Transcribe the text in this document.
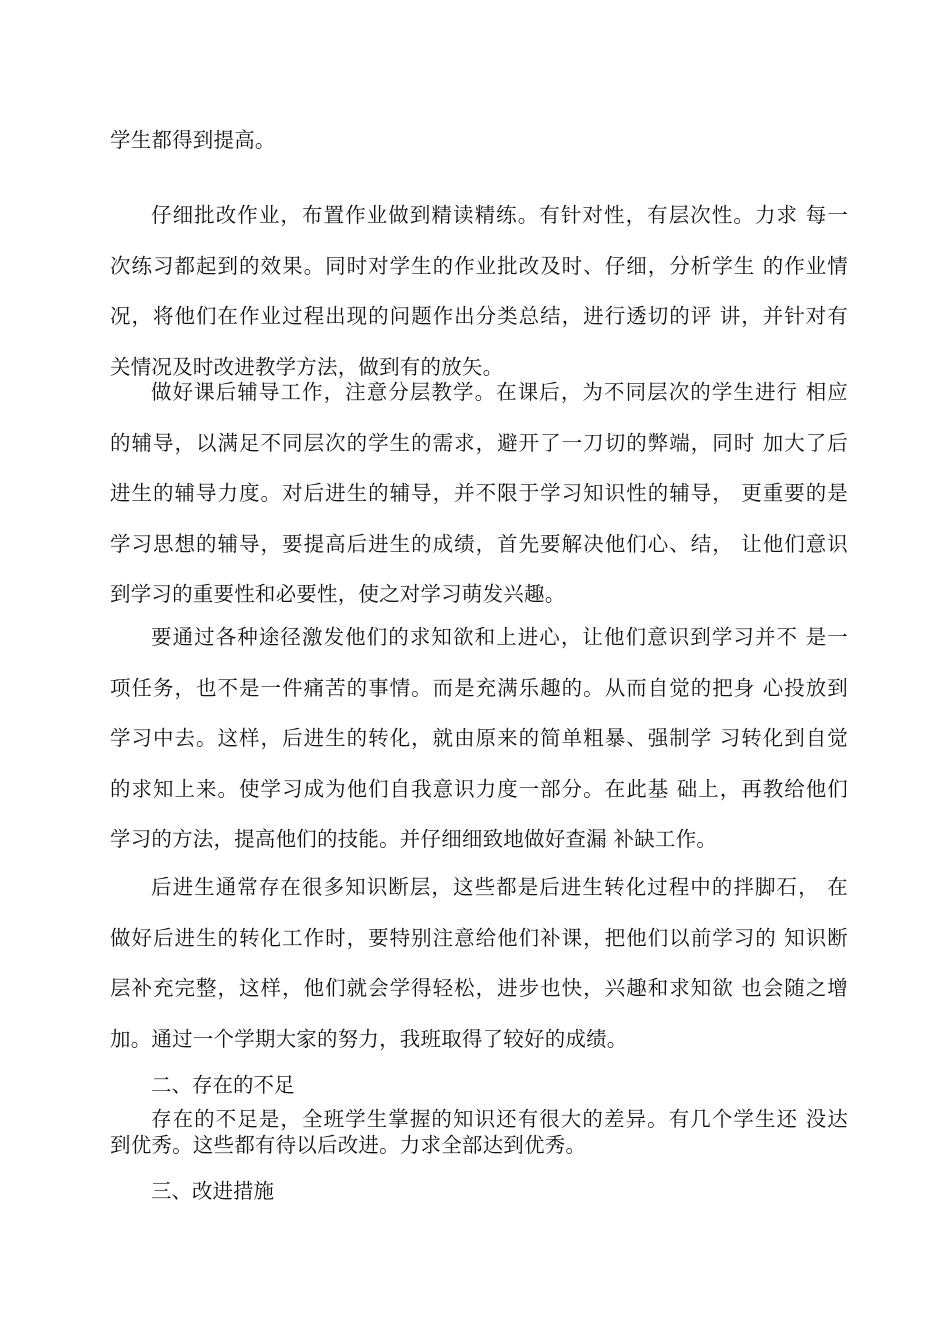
学生都得到提高。

仔细批改作业，布置作业做到精读精练。有针对性，有层次性。力求 每一
次练习都起到的效果。同时对学生的作业批改及时、仔细，分析学生 的作业情
况，将他们在作业过程出现的问题作出分类总结，进行透切的评 讲，并针对有
关情况及时改进教学方法，做到有的放矢。

做好课后辅导工作，注意分层教学。在课后，为不同层次的学生进行 相应
的辅导，以满足不同层次的学生的需求，避开了一刀切的弊端，同时 加大了后
进生的辅导力度。对后进生的辅导，并不限于学习知识性的辅导， 更重要的是
学习思想的辅导，要提高后进生的成绩，首先要解决他们心、结， 让他们意识
到学习的重要性和必要性，使之对学习萌发兴趣。

要通过各种途径激发他们的求知欲和上进心，让他们意识到学习并不 是一
项任务，也不是一件痛苦的事情。而是充满乐趣的。从而自觉的把身 心投放到
学习中去。这样，后进生的转化，就由原来的简单粗暴、强制学 习转化到自觉
的求知上来。使学习成为他们自我意识力度一部分。在此基 础上，再教给他们
学习的方法，提高他们的技能。并仔细细致地做好查漏 补缺工作。

后进生通常存在很多知识断层，这些都是后进生转化过程中的拌脚石， 在
做好后进生的转化工作时，要特别注意给他们补课，把他们以前学习的 知识断
层补充完整，这样，他们就会学得轻松，进步也快，兴趣和求知欲 也会随之增
加。通过一个学期大家的努力，我班取得了较好的成绩。

二、存在的不足

存在的不足是，全班学生掌握的知识还有很大的差异。有几个学生还 没达
到优秀。这些都有待以后改进。力求全部达到优秀。

三、改进措施
